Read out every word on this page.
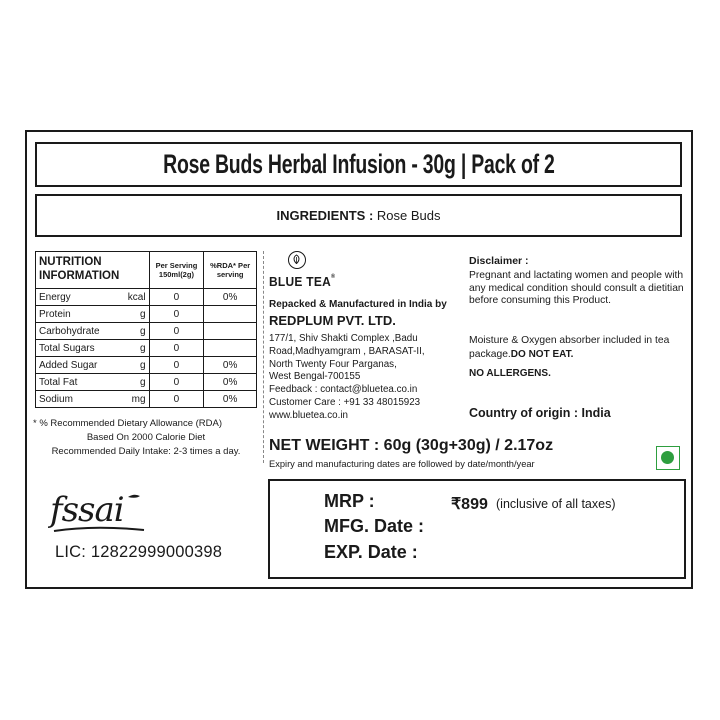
Rose Buds Herbal Infusion - 30g | Pack of 2
INGREDIENTS :
Rose Buds
NUTRITION INFORMATION		Per Serving 150ml(2g)	%RDA* Per serving
Energy	kcal	0	0%
Protein	g	0	
Carbohydrate	g	0	
Total Sugars	g	0	
Added Sugar	g	0	0%
Total Fat	g	0	0%
Sodium	mg	0	0%
* % Recommended Dietary Allowance (RDA)
Based On 2000 Calorie Diet
Recommended Daily Intake: 2-3 times a day.
fssai
LIC: 12822999000398
BLUE TEA®
Repacked & Manufactured in India by
REDPLUM PVT. LTD.
177/1, Shiv Shakti Complex ,Badu
Road,Madhyamgram , BARASAT-II,
North Twenty Four Parganas,
West Bengal-700155
Feedback : contact@bluetea.co.in
Customer Care : +91 33 48015923
www.bluetea.co.in
Disclaimer :
Pregnant and lactating women and people with any medical condition should consult a dietitian before consuming this Product.
Moisture & Oxygen absorber included in tea package.DO NOT EAT.
NO ALLERGENS.
Country of origin : India
NET WEIGHT : 60g (30g+30g) / 2.17oz
Expiry and manufacturing dates are followed by date/month/year
MRP :	₹899 (inclusive of all taxes)
MFG. Date :
EXP. Date :
